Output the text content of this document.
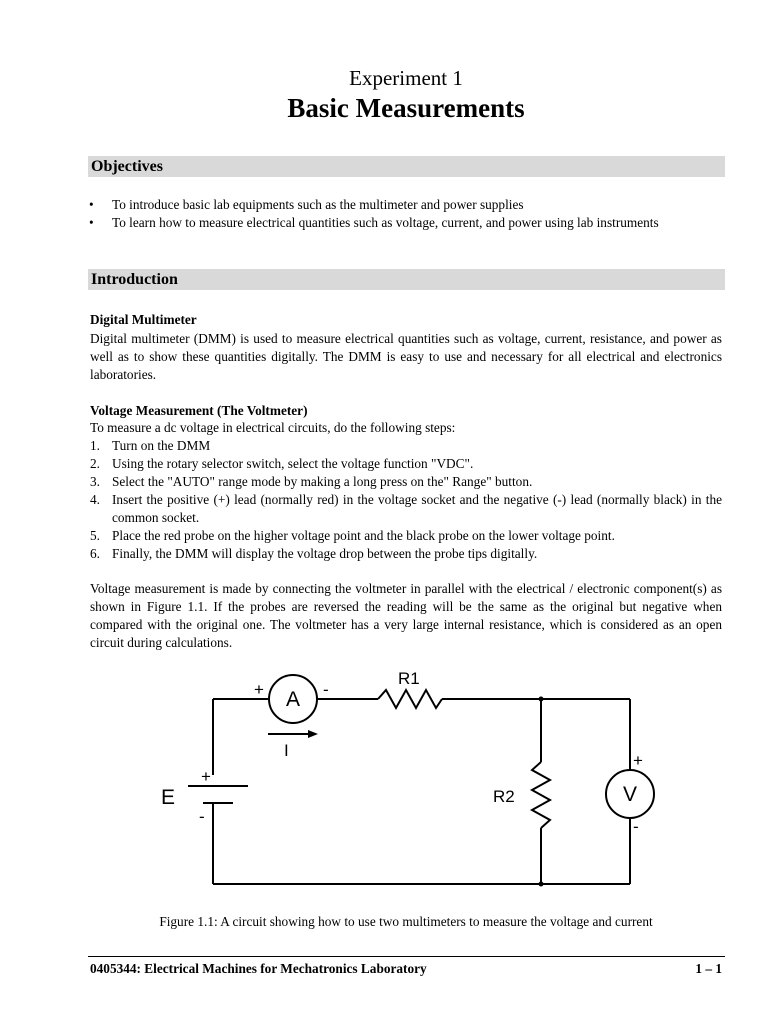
Experiment 1
Basic Measurements
Objectives
• To introduce basic lab equipments such as the multimeter and power supplies
• To learn how to measure electrical quantities such as voltage, current, and power using lab instruments
Introduction
Digital Multimeter

Digital multimeter (DMM) is used to measure electrical quantities such as voltage, current, resistance, and power as well as to show these quantities digitally. The DMM is easy to use and necessary for all electrical and electronics laboratories.

Voltage Measurement (The Voltmeter)

To measure a dc voltage in electrical circuits, do the following steps:

1. Turn on the DMM
2. Using the rotary selector switch, select the voltage function "VDC".
3. Select the "AUTO" range mode by making a long press on the" Range" button.
4. Insert the positive (+) lead (normally red) in the voltage socket and the negative (-) lead (normally black) in the common socket.
5. Place the red probe on the higher voltage point and the black probe on the lower voltage point.
6. Finally, the DMM will display the voltage drop between the probe tips digitally.

Voltage measurement is made by connecting the voltmeter in parallel with the electrical / electronic component(s) as shown in Figure 1.1. If the probes are reversed the reading will be the same as the original but negative when compared with the original one. The voltmeter has a very large internal resistance, which is considered as an open circuit during calculations.

+	-
A
I
R1
+
-
E	R2
+
-
V
Figure 1.1: A circuit showing how to use two multimeters to measure the voltage and current
0405344: Electrical Machines for Mechatronics Laboratory	1 – 1
